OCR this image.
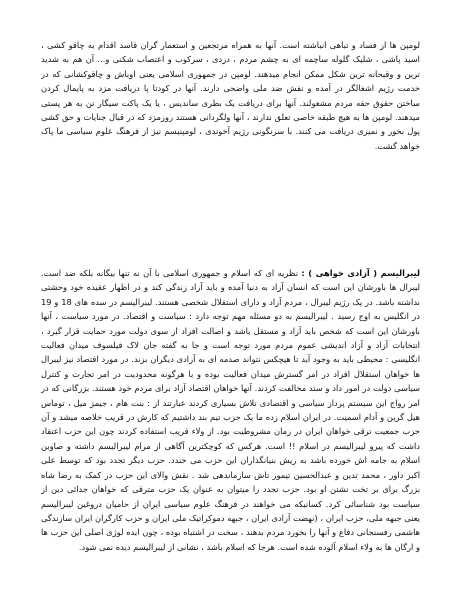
لومپن ها از فساد و تباهی انباشته است. آنها به همراه مرتجعین و استعمار گران قاسد اقدام به چاقو کشی ، اسید پاشی ، شلیک گلوله ساچمه ای به چشم مردم ، دزدی ، سرکوب و اعتصاب شکنی و... آن هم به شدید ترین و وقیحانه ترین شکل ممکن انجام میدهند. لومپن در جمهوری اسلامی یعنی اوباش و چاقوکشانی که در خدمت رژیم اشغالگر در آمده و نقش ضد ملی واضحی دارند. آنها در کودتا پا دریافت مزد به پایمال کردن ساختن حقوق حقه مردم مشغولند. آنها برای دریافت یک بطری ساندیس ، یا یک پاکت سیگار تن به هر پستی میدهند. لومپن ها به هیچ طبقه خاصی تعلق ندارند ، آنها ولگردانی هستند روزمزد که در قبال جنایات و حق کشی پول بخور و نمیری دریافت می کنند. با سرنگونی رژیم آخوندی ، لومپنیسم نیز از فرهنگ علوم سیاسی ما پاک خواهد گشت.

لیبرالیسم ( آزادی خواهی ) : نظریه ای که اسلام و جمهوری اسلامی با آن نه تنها بیگانه بلکه ضد است. لیبرال ها باورشان این است که انسان آزاد به دنیا آمده و باید آزاد زندگی کند و در اظهار عقیده خود وحشتی نداشته باشد. در یک رژیم لیبرال ، مردم آزاد و دارای استقلال شخصی هستند. لیبرالیسم در سده های 18 و 19 در انگلیس به اوج رسید . لیبرالیسم به دو مسئله مهم توجه دارد : سیاست و اقتصاد. در مورد سیاست ، آنها باورشان این است که شخص باید آزاد و مستقل باشد و اصالت افراد از سوی دولت مورد حمایت قرار گیرد ، انتخابات آزاد و آزاد اندیشی عموم مردم مورد توجه است و جا به گفته جان لاک فیلسوف میدان فعالیت انگلیسی : محیطی باید به وجود آید تا هیچکس نتواند صدمه ای به آزادی دیگران بزند. در مورد اقتصاد نیز لیبرال ها خواهان استقلال افراد در امر گسترش میدان فعالیت بوده و با هرگونه محدودیت در امر تجارت و کنترل سیاسی دولت در امور داد و ستد مخالفت کردند. آنها خواهان اقتصاد آزاد برای مردم خود هستند. بزرگانی که در امر رواج این سیستم پرداز سیاسی و اقتصادی تلاش بسیاری کردند عبارتند از : بنت هام ، جیمز میل ، توماس هیل گرین و آدام اسمیت. در ایران اسلام زده ما یک حزب تیم بند داشتیم که کارش در قریب خلاصه میشد و آن حزب جمعیت ترقی خواهان ایران در زمان مشروطیت بود. از ولاء قریب استفاده کردند چون این حزب اعتقاد داشت که پیرو لیبرالیسم در اسلام !! است. هرکس که کوچکترین آگاهی از مرام لیبرالیسم داشته و صاوبن اسلام به جامه اش خورده باشد به ریش بنیانگذاران این حزب می خندد. حزب دیگر تجدد بود که توسط علی اکبر داور ، محمد تدین و عبدالحسین تیمور تاش سازماندهی شد . نقش والای این حزب در کمک به رضا شاه بزرگ برای بر تخت نشتن او بود. حزب تجدد را میتوان به عنوان یک حزب مترقی که خواهان جدائی دین از سیاست بود شناسائی کرد. کسانیکه می خواهند در فرهنگ علوم سیاسی ایران از حامیان دروغین لیبرالیسم یعنی جبهه ملی، حزب ایران ، (نهضت آزادی ایران ، جبهه دموکراتیک ملی ایران و حزب کارگران ایران سازندگی هاشمی رفسنجانی دفاع و آنها را بخورد مردم بدهند ، سخت در اشتباه بوده ، چون ایده لوژی اصلی این حزب ها و ارگان ها به ولاء اسلام آلوده شده است. هرجا که اسلام باشد ، نشانی از لیبرالیسم دیده نمی شود.
